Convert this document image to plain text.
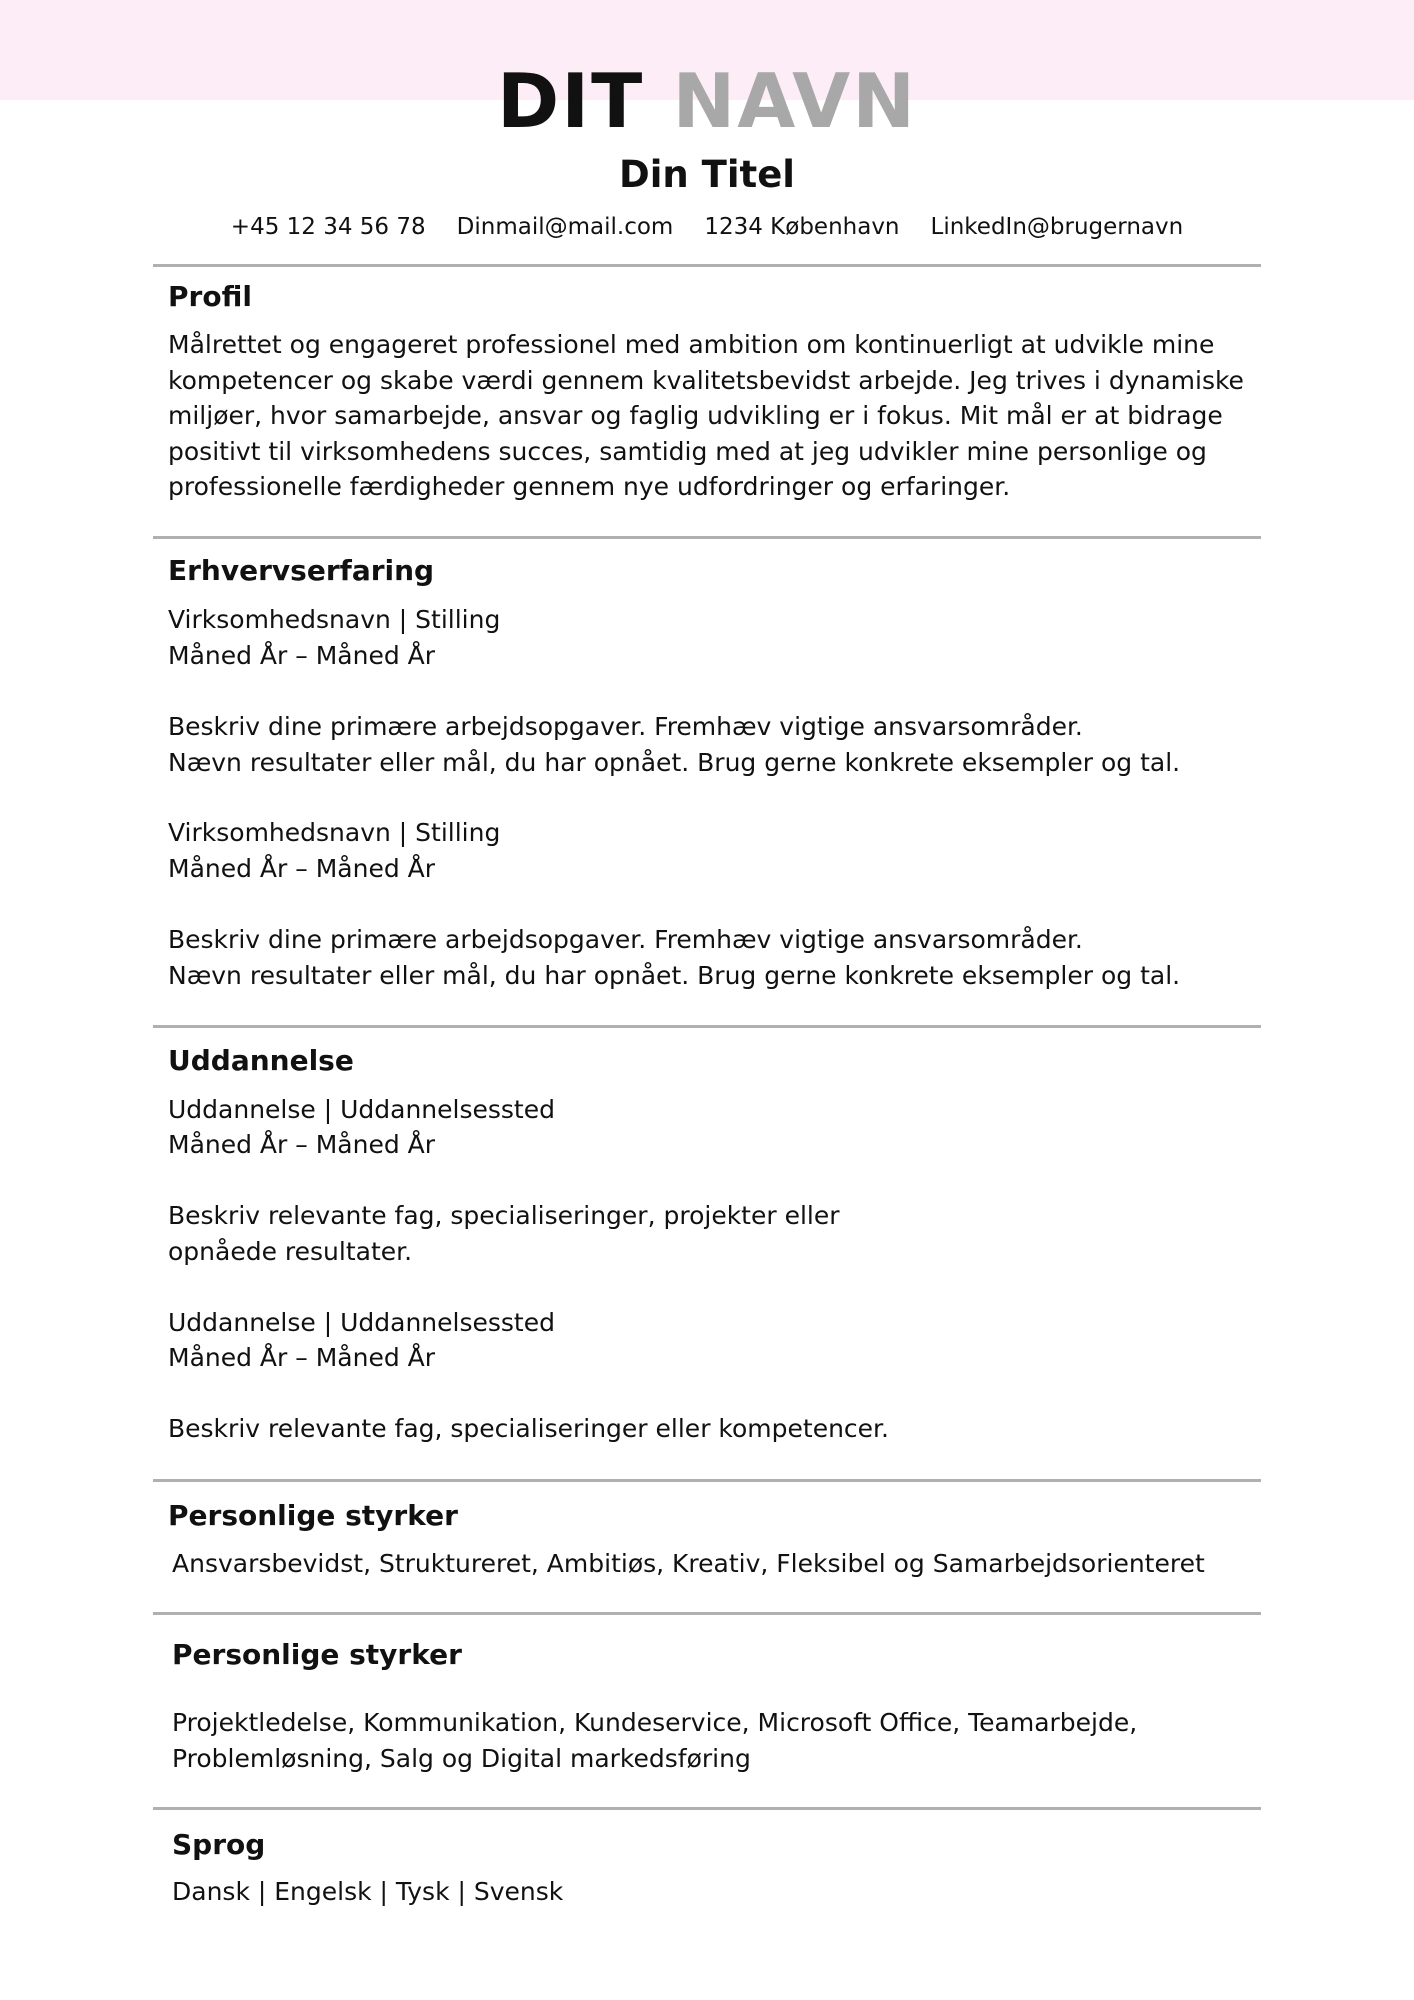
DIT NAVN
Din Titel
+45 12 34 56 78 Dinmail@mail.com 1234 København LinkedIn@brugernavn
Profil
Målrettet og engageret professionel med ambition om kontinuerligt at udvikle mine
kompetencer og skabe værdi gennem kvalitetsbevidst arbejde. Jeg trives i dynamiske
miljøer, hvor samarbejde, ansvar og faglig udvikling er i fokus. Mit mål er at bidrage
positivt til virksomhedens succes, samtidig med at jeg udvikler mine personlige og
professionelle færdigheder gennem nye udfordringer og erfaringer.
Erhvervserfaring
Virksomhedsnavn | Stilling
Måned År – Måned År
Beskriv dine primære arbejdsopgaver. Fremhæv vigtige ansvarsområder.
Nævn resultater eller mål, du har opnået. Brug gerne konkrete eksempler og tal.
Virksomhedsnavn | Stilling
Måned År – Måned År
Beskriv dine primære arbejdsopgaver. Fremhæv vigtige ansvarsområder.
Nævn resultater eller mål, du har opnået. Brug gerne konkrete eksempler og tal.
Uddannelse
Uddannelse | Uddannelsessted
Måned År – Måned År
Beskriv relevante fag, specialiseringer, projekter eller
opnåede resultater.
Uddannelse | Uddannelsessted
Måned År – Måned År
Beskriv relevante fag, specialiseringer eller kompetencer.
Personlige styrker
Ansvarsbevidst, Struktureret, Ambitiøs, Kreativ, Fleksibel og Samarbejdsorienteret
Personlige styrker
Projektledelse, Kommunikation, Kundeservice, Microsoft Office, Teamarbejde,
Problemløsning, Salg og Digital markedsføring
Sprog
Dansk | Engelsk | Tysk | Svensk
